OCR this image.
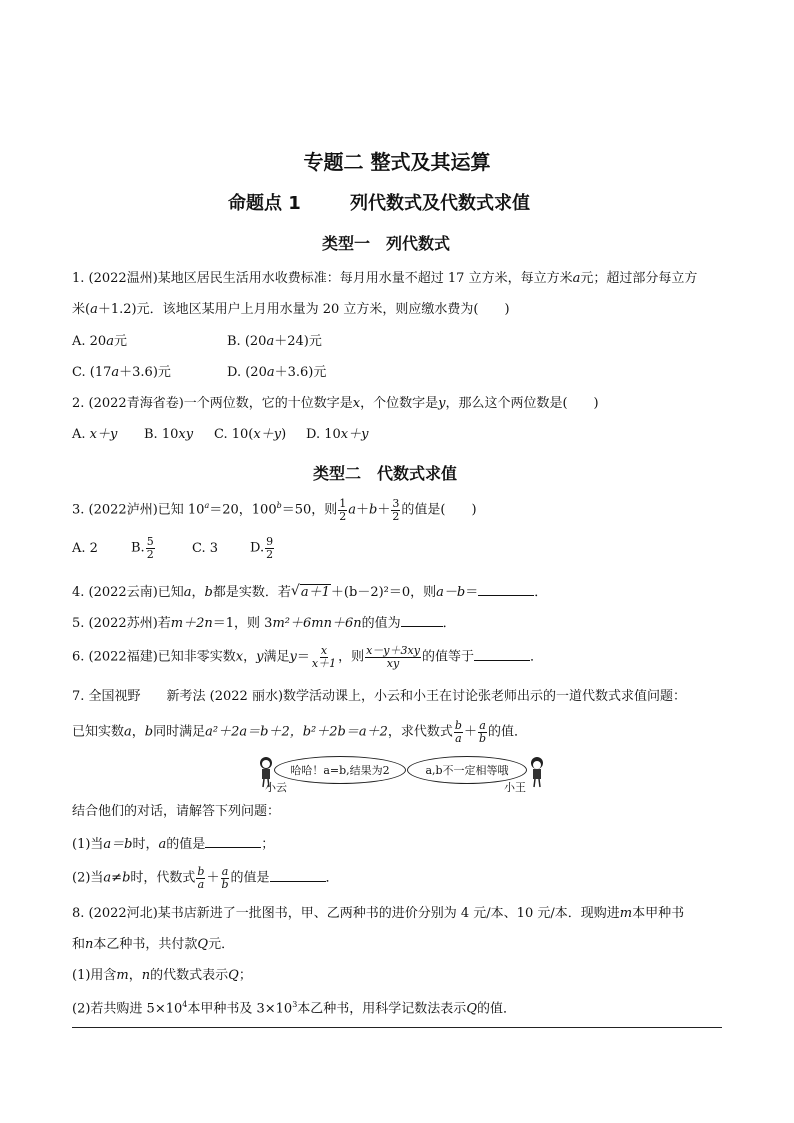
专题二 整式及其运算
命题点 1	列代数式及代数式求值
类型一　列代数式
1. (2022温州)某地区居民生活用水收费标准：每月用水量不超过 17 立方米，每立方米a元；超过部分每立方
米(a＋1.2)元．该地区某用户上月用水量为 20 立方米，则应缴水费为(　　)
A. 20a元	B. (20a＋24)元
C. (17a＋3.6)元	D. (20a＋3.6)元
2. (2022青海省卷)一个两位数，它的十位数字是x，个位数字是y，那么这个两位数是(　　)
A. x＋y B. 10xy C. 10(x＋y) D. 10x＋y
类型二　代数式求值
3. (2022泸州)已知 $10^a=20$，$100^b=50$，则 $\frac{1}{2} a+b+ \frac{3}{2}$ 的值是(　　)
A. 2	B. $\frac{5}{2}$	C. 3 D. $\frac{9}{2}$
4. (2022云南)已知a，b都是实数．若 √ a＋1＋(b－2)²＝0，则a－b＝	．
5. (2022苏州)若m＋2n＝1，则 3m²＋6mn＋6n的值为	．
6. (2022福建)已知非零实数x，y满足$y= \frac{x}{x+1}$ ，则 $\frac{x-y+3xy}{xy}$ 的值等于	．
7. 全国视野　　新考法 (2022 丽水)数学活动课上，小云和小王在讨论张老师出示的一道代数式求值问题：
已知实数a，b同时满足a²＋2a＝b＋2，b²＋2b＝a＋2，求代数式 $\frac{b}{a} + \frac{a}{b}$ 的值．
小云
哈哈！a=b,结果为2	a,b不一定相等哦
小王
结合他们的对话，请解答下列问题：
(1)当a＝b时，a的值是	；
(2)当a≠b时，代数式 $\frac{b}{a} + \frac{a}{b}$ 的值是	．
8. (2022河北)某书店新进了一批图书，甲、乙两种书的进价分别为 4 元/本、10 元/本．现购进m本甲种书
和n本乙种书，共付款Q元．
(1)用含m，n的代数式表示Q；
(2)若共购进 $5\times 10^4$本甲种书及 $3\times 10^3$本乙种书，用科学记数法表示Q的值．
